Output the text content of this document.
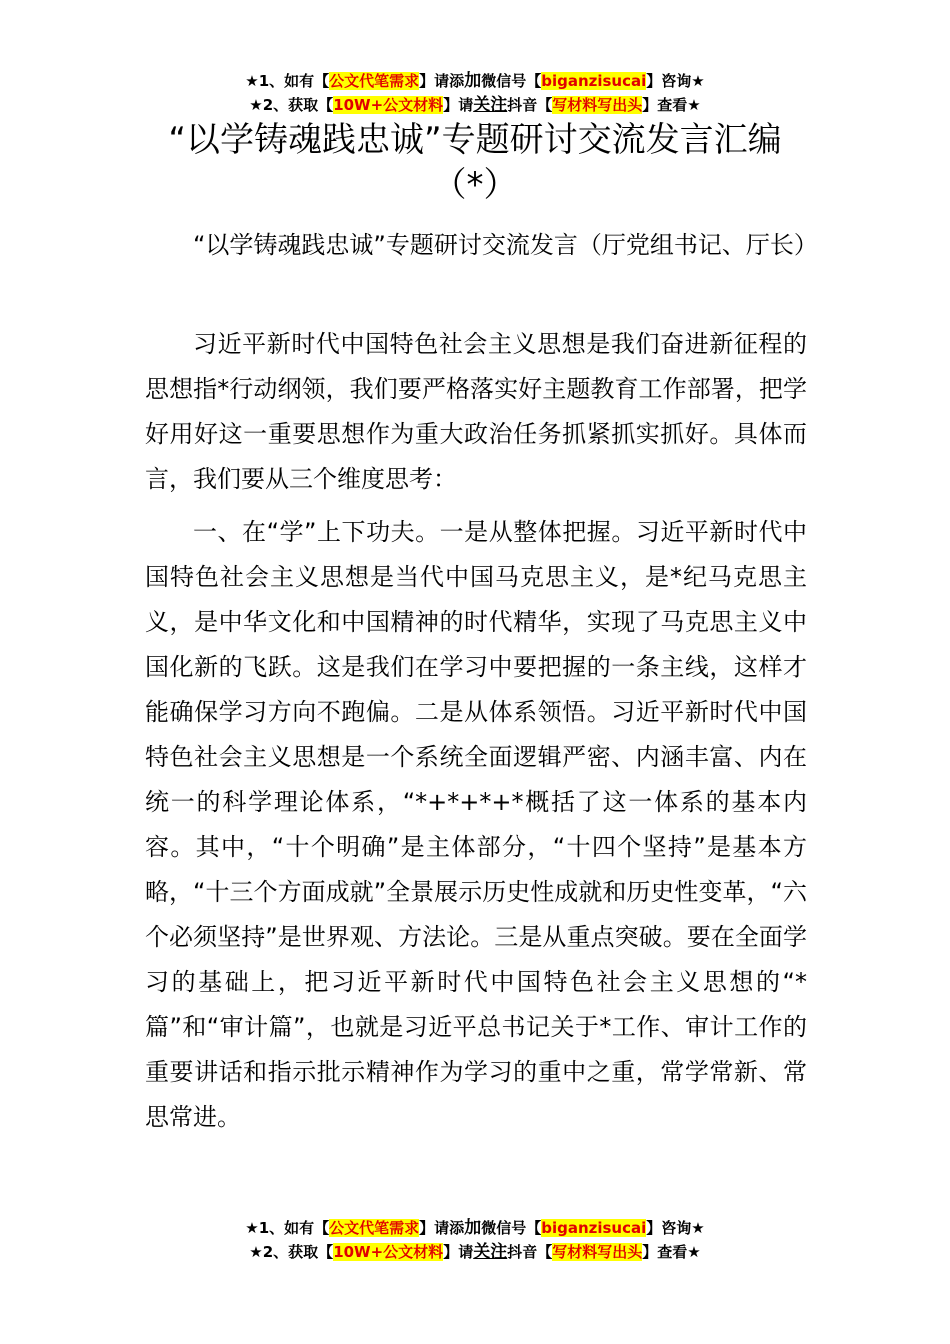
★1、如有【公文代笔需求】请添加微信号【biganzisucai】咨询★
★2、获取【10W+公文材料】请关注抖音【写材料写出头】查看★
“以学铸魂践忠诚”专题研讨交流发言汇编（*）

“以学铸魂践忠诚”专题研讨交流发言（厅党组书记、厅长）

习近平新时代中国特色社会主义思想是我们奋进新征程的思想指*行动纲领，我们要严格落实好主题教育工作部署，把学好用好这一重要思想作为重大政治任务抓紧抓实抓好。具体而言，我们要从三个维度思考：

一、在“学”上下功夫。一是从整体把握。习近平新时代中国特色社会主义思想是当代中国马克思主义，是*纪马克思主义，是中华文化和中国精神的时代精华，实现了马克思主义中国化新的飞跃。这是我们在学习中要把握的一条主线，这样才能确保学习方向不跑偏。二是从体系领悟。习近平新时代中国特色社会主义思想是一个系统全面逻辑严密、内涵丰富、内在统一的科学理论体系，“*+*+*+*概括了这一体系的基本内容。其中，“十个明确”是主体部分，“十四个坚持”是基本方略，“十三个方面成就”全景展示历史性成就和历史性变革，“六个必须坚持”是世界观、方法论。三是从重点突破。要在全面学习的基础上，把习近平新时代中国特色社会主义思想的“*篇”和“审计篇”，也就是习近平总书记关于*工作、审计工作的重要讲话和指示批示精神作为学习的重中之重，常学常新、常思常进。

★1、如有【公文代笔需求】请添加微信号【biganzisucai】咨询★
★2、获取【10W+公文材料】请关注抖音【写材料写出头】查看★
